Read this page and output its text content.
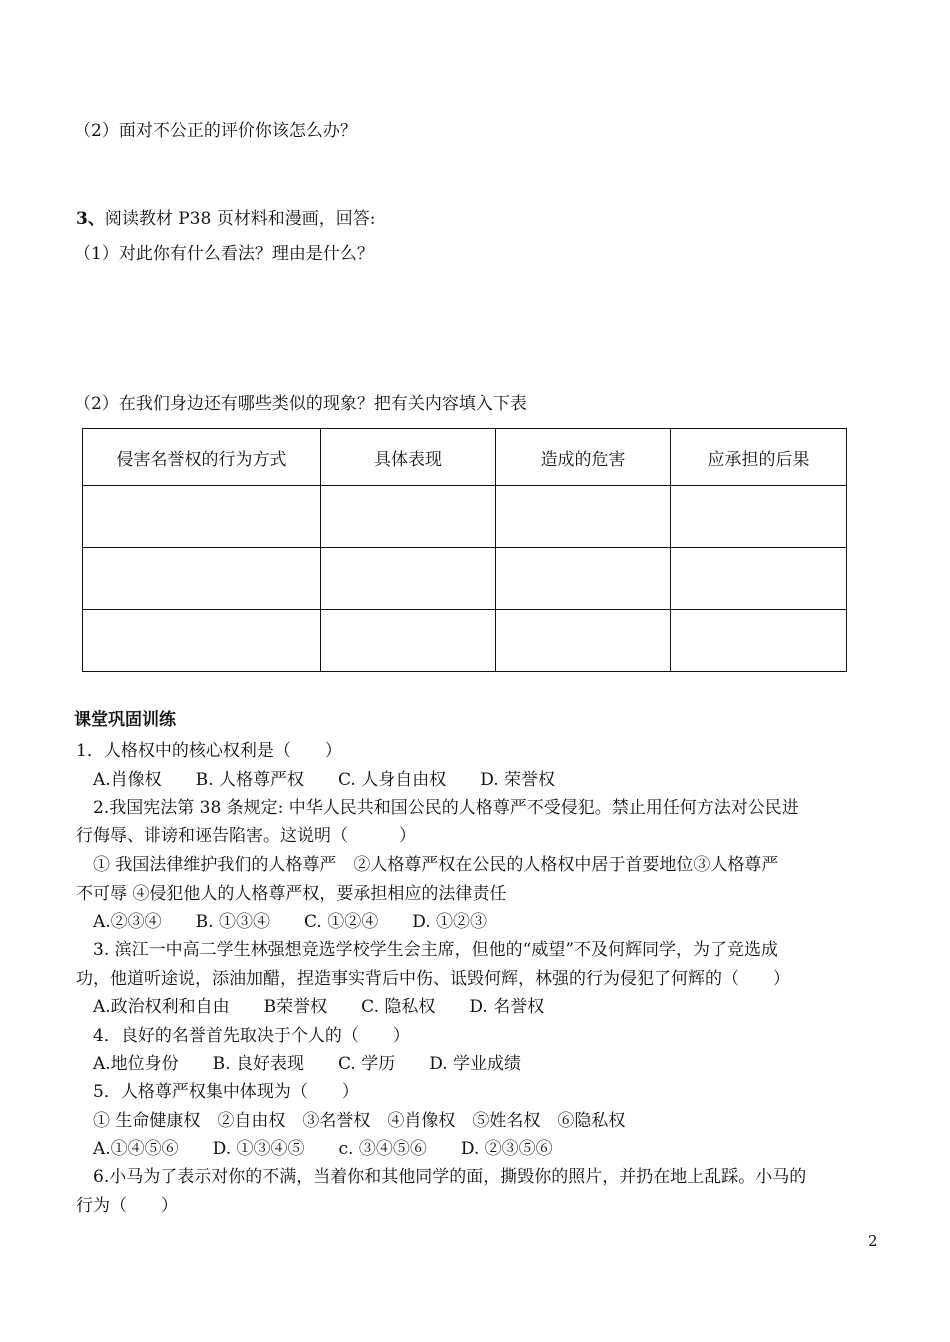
（2）面对不公正的评价你该怎么办？
3、阅读教材 P38 页材料和漫画，回答:
（1）对此你有什么看法？理由是什么？
（2）在我们身边还有哪些类似的现象？把有关内容填入下表
侵害名誉权的行为方式	具体表现	造成的危害	应承担的后果

课堂巩固训练
1．人格权中的核心权利是（　　）
　A.肖像权　　B. 人格尊严权　　C. 人身自由权　　D. 荣誉权
　2.我国宪法第 38 条规定: 中华人民共和国公民的人格尊严不受侵犯。禁止用任何方法对公民进
行侮辱、诽谤和诬告陷害。这说明（　　　）
　① 我国法律维护我们的人格尊严　②人格尊严权在公民的人格权中居于首要地位③人格尊严
不可辱 ④侵犯他人的人格尊严权，要承担相应的法律责任
　A.②③④　　B. ①③④　　C. ①②④　　D. ①②③
　3. 滨江一中高二学生林强想竞选学校学生会主席，但他的“威望”不及何辉同学，为了竞选成
功，他道听途说，添油加醋，捏造事实背后中伤、诋毁何辉，林强的行为侵犯了何辉的（　　）
　A.政治权利和自由　　B荣誉权　　C. 隐私权　　D. 名誉权
　4．良好的名誉首先取决于个人的（　　）
　A.地位身份　　B. 良好表现　　C. 学历　　D. 学业成绩
　5．人格尊严权集中体现为（　　）
　① 生命健康权　②自由权　③名誉权　④肖像权　⑤姓名权　⑥隐私权
　A.①④⑤⑥　　D. ①③④⑤　　c. ③④⑤⑥　　D. ②③⑤⑥
　6.小马为了表示对你的不满，当着你和其他同学的面，撕毁你的照片，并扔在地上乱踩。小马的
行为（　　）
2
